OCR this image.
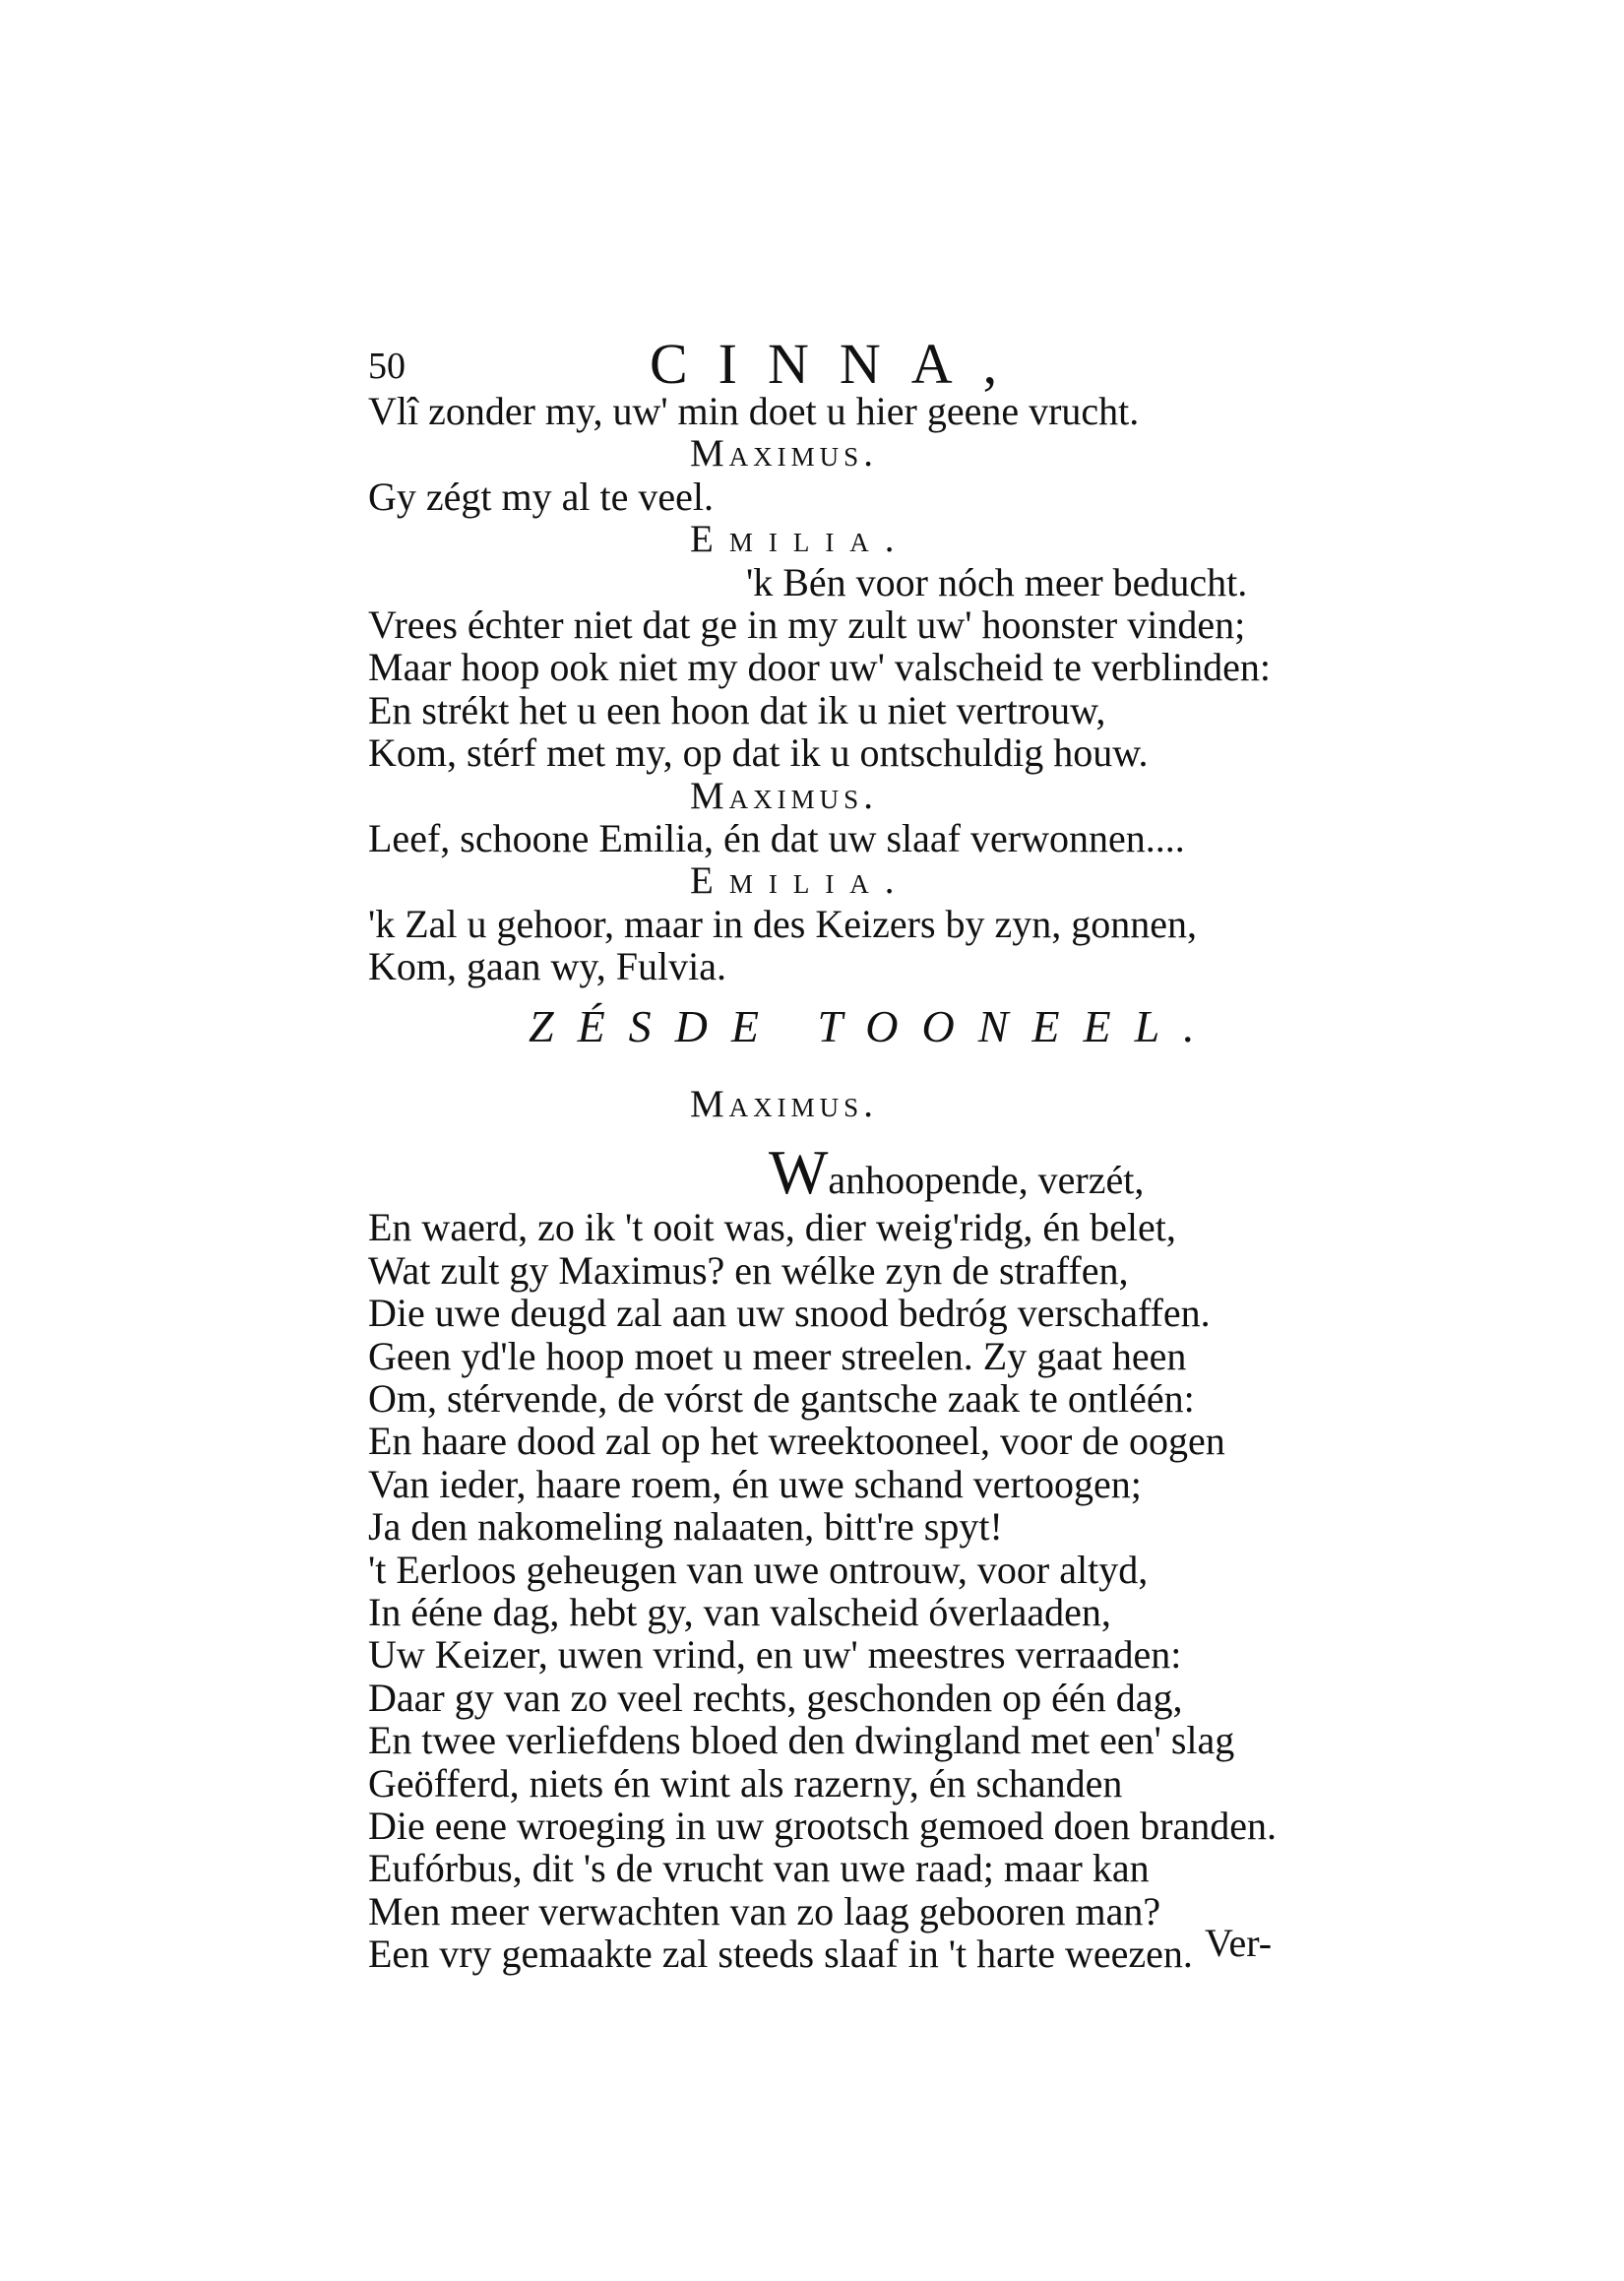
50	CINNA,
Vlî zonder my, uw' min doet u hier geene vrucht.
Maximus.
Gy zégt my al te veel.
Emilia.
'k Bén voor nóch meer beducht.
Vrees échter niet dat ge in my zult uw' hoonster vinden;
Maar hoop ook niet my door uw' valscheid te verblinden:
En strékt het u een hoon dat ik u niet vertrouw,
Kom, stérf met my, op dat ik u ontschuldig houw.
Maximus.
Leef, schoone Emilia, én dat uw slaaf verwonnen....
Emilia.
'k Zal u gehoor, maar in des Keizers by zyn, gonnen,
Kom, gaan wy, Fulvia.
ZÉSDE TOONEEL.
Maximus.
Wanhoopende, verzét,
En waerd, zo ik 't ooit was, dier weig'ridg, én belet,
Wat zult gy Maximus? en wélke zyn de straffen,
Die uwe deugd zal aan uw snood bedróg verschaffen.
Geen yd'le hoop moet u meer streelen. Zy gaat heen
Om, stérvende, de vórst de gantsche zaak te ontléén:
En haare dood zal op het wreektooneel, voor de oogen
Van ieder, haare roem, én uwe schand vertoogen;
Ja den nakomeling nalaaten, bitt're spyt!
't Eerloos geheugen van uwe ontrouw, voor altyd,
In ééne dag, hebt gy, van valscheid óverlaaden,
Uw Keizer, uwen vrind, en uw' meestres verraaden:
Daar gy van zo veel rechts, geschonden op één dag,
En twee verliefdens bloed den dwingland met een' slag
Geöfferd, niets én wint als razerny, én schanden
Die eene wroeging in uw grootsch gemoed doen branden.
Eufórbus, dit 's de vrucht van uwe raad; maar kan
Men meer verwachten van zo laag gebooren man?
Een vry gemaakte zal steeds slaaf in 't harte weezen. Ver-
